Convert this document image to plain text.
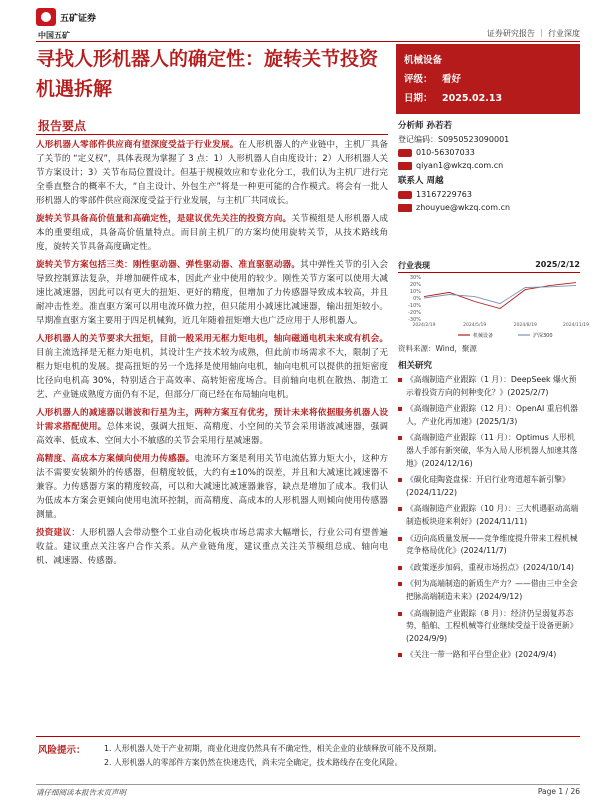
五矿证券
中国五矿	证券研究报告 ｜ 行业深度
寻找人形机器人的确定性：旋转关节投资机遇拆解
报告要点

人形机器人零部件供应商有望深度受益于行业发展。在人形机器人的产业链中，主机厂具备了关节的 “定义权”，具体表现为掌握了 3 点：1）人形机器人自由度设计；2）人形机器人关节方案设计；3）关节布局位置设计。但基于规模效应和专业化分工，我们认为主机厂进行完全垂直整合的概率不大，“自主设计、外包生产”将是一种更可能的合作模式。将会有一批人形机器人的零部件供应商深度受益于行业发展，与主机厂共同成长。

旋转关节具备高价值量和高确定性，是建议优先关注的投资方向。关节模组是人形机器人成本的重要组成，具备高价值量特点。而目前主机厂的方案均使用旋转关节，从技术路线角度，旋转关节具备高度确定性。

旋转关节方案包括三类：刚性驱动器、弹性驱动器、准直驱驱动器。其中弹性关节的引入会导致控制算法复杂，并增加硬件成本，因此产业中使用的较少。刚性关节方案可以使用大减速比减速器，因此可以有更大的扭矩、更好的精度，但增加了力传感器导致成本较高，并且耐冲击性差。准直驱方案可以用电流环做力控，但只能用小减速比减速器，输出扭矩较小。早期准直驱方案主要用于四足机械狗，近几年随着扭矩增大也广泛应用于人形机器人。

人形机器人的关节要求大扭矩，目前一般采用无框力矩电机，轴向磁通电机未来或有机会。目前主流选择是无框力矩电机，其设计生产技术较为成熟，但此前市场需求不大，限制了无框力矩电机的发展。提高扭矩的另一个选择是使用轴向电机，轴向电机可以提供的扭矩密度比径向电机高 30%，特别适合于高效率、高转矩密度场合。目前轴向电机在散热、制造工艺、产业链成熟度方面仍有不足，但部分厂商已经在布局轴向电机。

人形机器人的减速器以谐波和行星为主，两种方案互有优劣，预计未来将依据服务机器人设计需求搭配使用。总体来说，强调大扭矩、高精度、小空间的关节会采用谐波减速器，强调高效率、低成本、空间大小不敏感的关节会采用行星减速器。

高精度、高成本方案倾向使用力传感器。电流环方案是利用关节电流估算力矩大小，这种方法不需要安装额外的传感器，但精度较低，大约有±10%的误差，并且和大减速比减速器不兼容。力传感器方案的精度较高，可以和大减速比减速器兼容，缺点是增加了成本。我们认为低成本方案会更倾向使用电流环控制，而高精度、高成本的人形机器人则倾向使用传感器测量。

投资建议：人形机器人会带动整个工业自动化板块市场总需求大幅增长，行业公司有望普遍收益。建议重点关注客户合作关系。从产业链角度，建议重点关注关节模组总成、轴向电机、减速器、传感器。

机械设备
评级： 看好
日期： 2025.02.13
分析师 孙若若
登记编码：S0950523090001
010-56307033
qiyan1@wkzq.com.cn
联系人 周越
13167229763
zhouyue@wkzq.com.cn
行业表现	2025/2/12
30%
20%
10%
0%
-10%
-20%
-30%
2024/2/19	2024/5/19	2024/8/19	2024/11/19
机械设备	沪深300
资料来源：Wind，聚源
相关研究
《高端制造产业跟踪（1 月）：DeepSeek 爆火预示着投资方向的何种变化？》(2025/2/7)
《高端制造产业跟踪（12 月）：OpenAI 重启机器人，产业化再加速》(2025/1/3)
《高端制造产业跟踪（11 月）：Optimus 人形机器人手部有新突破，华为入局人形机器人加速其落地》(2024/12/16)
《碳化硅陶瓷盘探：开启行业弯道超车新引擎》(2024/11/22)
《高端制造产业跟踪（10 月）：三大机遇驱动高端制造板块迎来利好》(2024/11/11)
《迈向高质量发展——竞争维度提升带来工程机械竞争格局优化》(2024/11/7)
《政策逐步加码，重视市场拐点》(2024/10/14)
《何为高端制造的新质生产力？——借由三中全会把脉高端制造未来》(2024/9/12)
《高端制造产业跟踪（8 月）：经济仍呈弱复苏态势，船舶、工程机械等行业继续受益于设备更新》(2024/9/9)
《关注一带一路和平台型企业》(2024/9/4)
风险提示： 1. 人形机器人处于产业初期，商业化进度仍然具有不确定性，相关企业的业绩释放可能不及预期。
2. 人形机器人的零部件方案仍然在快速迭代，尚未完全确定，技术路线存在变化风险。
请仔细阅读本报告末页声明	Page 1 / 26
